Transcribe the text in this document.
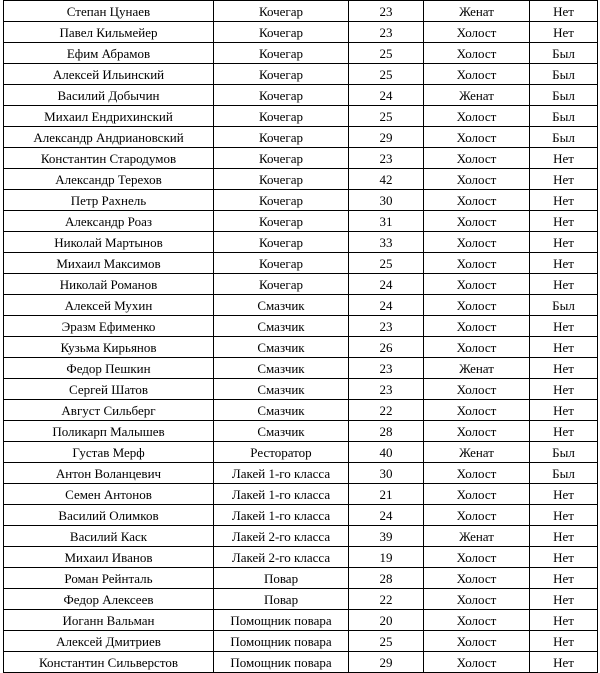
Степан Цунаев	Кочегар	23	Женат	Нет
Павел Кильмейер	Кочегар	23	Холост	Нет
Ефим Абрамов	Кочегар	25	Холост	Был
Алексей Ильинский	Кочегар	25	Холост	Был
Василий Добычин	Кочегар	24	Женат	Был
Михаил Ендрихинский	Кочегар	25	Холост	Был
Александр Андриановский	Кочегар	29	Холост	Был
Константин Стародумов	Кочегар	23	Холост	Нет
Александр Терехов	Кочегар	42	Холост	Нет
Петр Рахнель	Кочегар	30	Холост	Нет
Александр Роаз	Кочегар	31	Холост	Нет
Николай Мартынов	Кочегар	33	Холост	Нет
Михаил Максимов	Кочегар	25	Холост	Нет
Николай Романов	Кочегар	24	Холост	Нет
Алексей Мухин	Смазчик	24	Холост	Был
Эразм Ефименко	Смазчик	23	Холост	Нет
Кузьма Кирьянов	Смазчик	26	Холост	Нет
Федор Пешкин	Смазчик	23	Женат	Нет
Сергей Шатов	Смазчик	23	Холост	Нет
Август Сильберг	Смазчик	22	Холост	Нет
Поликарп Малышев	Смазчик	28	Холост	Нет
Густав Мерф	Ресторатор	40	Женат	Был
Антон Воланцевич	Лакей 1-го класса	30	Холост	Был
Семен Антонов	Лакей 1-го класса	21	Холост	Нет
Василий Олимков	Лакей 1-го класса	24	Холост	Нет
Василий Каск	Лакей 2-го класса	39	Женат	Нет
Михаил Иванов	Лакей 2-го класса	19	Холост	Нет
Роман Рейнталь	Повар	28	Холост	Нет
Федор Алексеев	Повар	22	Холост	Нет
Иоганн Вальман	Помощник повара	20	Холост	Нет
Алексей Дмитриев	Помощник повара	25	Холост	Нет
Константин Сильверстов	Помощник повара	29	Холост	Нет
